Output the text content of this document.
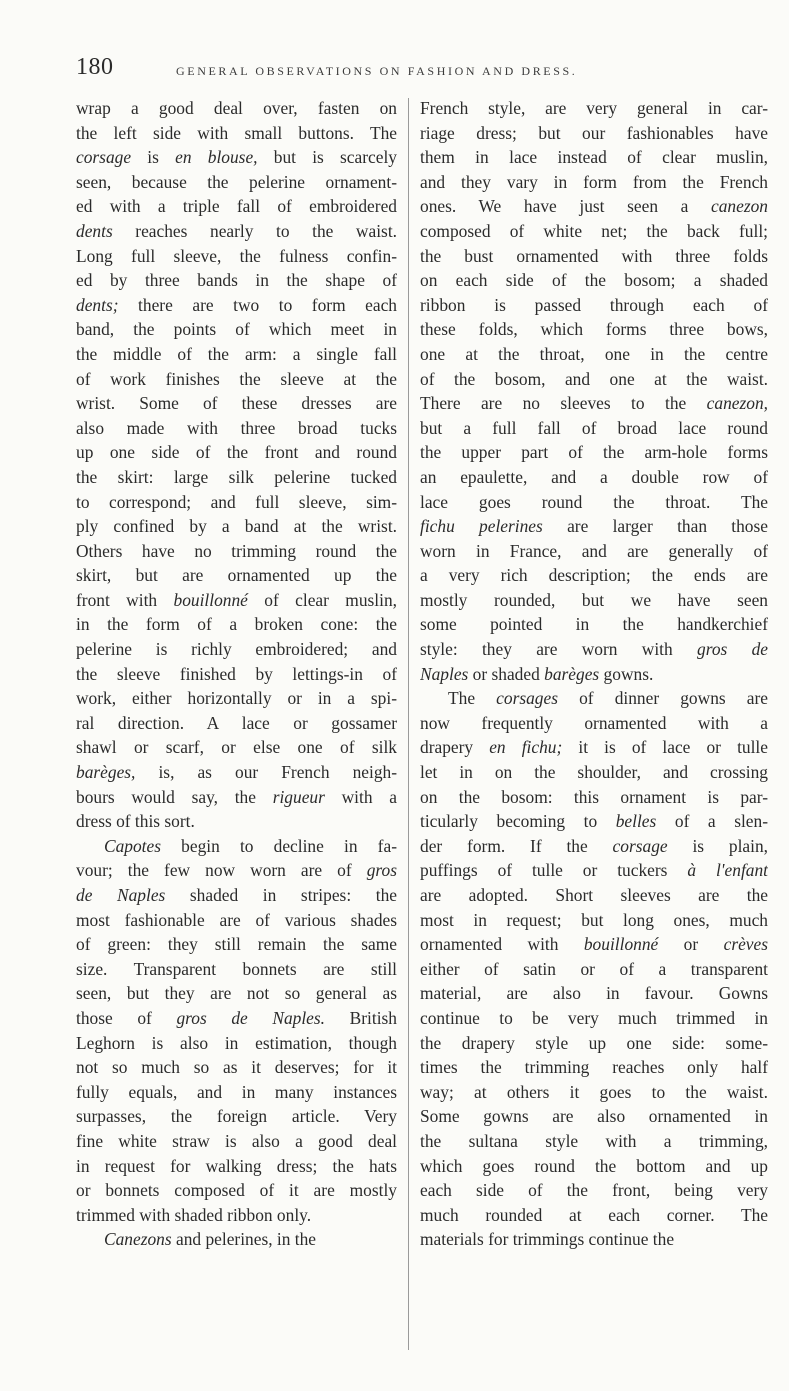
180	GENERAL OBSERVATIONS ON FASHION AND DRESS.
wrap a good deal over, fasten on
the left side with small buttons. The
corsage is en blouse, but is scarcely
seen, because the pelerine ornament-
ed with a triple fall of embroidered
dents reaches nearly to the waist.
Long full sleeve, the fulness confin-
ed by three bands in the shape of
dents; there are two to form each
band, the points of which meet in
the middle of the arm: a single fall
of work finishes the sleeve at the
wrist. Some of these dresses are
also made with three broad tucks
up one side of the front and round
the skirt: large silk pelerine tucked
to correspond; and full sleeve, sim-
ply confined by a band at the wrist.
Others have no trimming round the
skirt, but are ornamented up the
front with bouillonné of clear muslin,
in the form of a broken cone: the
pelerine is richly embroidered; and
the sleeve finished by lettings-in of
work, either horizontally or in a spi-
ral direction. A lace or gossamer
shawl or scarf, or else one of silk
barèges, is, as our French neigh-
bours would say, the rigueur with a
dress of this sort.
Capotes begin to decline in fa-
vour; the few now worn are of gros
de Naples shaded in stripes: the
most fashionable are of various shades
of green: they still remain the same
size. Transparent bonnets are still
seen, but they are not so general as
those of gros de Naples. British
Leghorn is also in estimation, though
not so much so as it deserves; for it
fully equals, and in many instances
surpasses, the foreign article. Very
fine white straw is also a good deal
in request for walking dress; the hats
or bonnets composed of it are mostly
trimmed with shaded ribbon only.
Canezons and pelerines, in the
French style, are very general in car-
riage dress; but our fashionables have
them in lace instead of clear muslin,
and they vary in form from the French
ones. We have just seen a canezon
composed of white net; the back full;
the bust ornamented with three folds
on each side of the bosom; a shaded
ribbon is passed through each of
these folds, which forms three bows,
one at the throat, one in the centre
of the bosom, and one at the waist.
There are no sleeves to the canezon,
but a full fall of broad lace round
the upper part of the arm-hole forms
an epaulette, and a double row of
lace goes round the throat. The
fichu pelerines are larger than those
worn in France, and are generally of
a very rich description; the ends are
mostly rounded, but we have seen
some pointed in the handkerchief
style: they are worn with gros de
Naples or shaded barèges gowns.
The corsages of dinner gowns are
now frequently ornamented with a
drapery en fichu; it is of lace or tulle
let in on the shoulder, and crossing
on the bosom: this ornament is par-
ticularly becoming to belles of a slen-
der form. If the corsage is plain,
puffings of tulle or tuckers à l'enfant
are adopted. Short sleeves are the
most in request; but long ones, much
ornamented with bouillonné or crèves
either of satin or of a transparent
material, are also in favour. Gowns
continue to be very much trimmed in
the drapery style up one side: some-
times the trimming reaches only half
way; at others it goes to the waist.
Some gowns are also ornamented in
the sultana style with a trimming,
which goes round the bottom and up
each side of the front, being very
much rounded at each corner. The
materials for trimmings continue the
